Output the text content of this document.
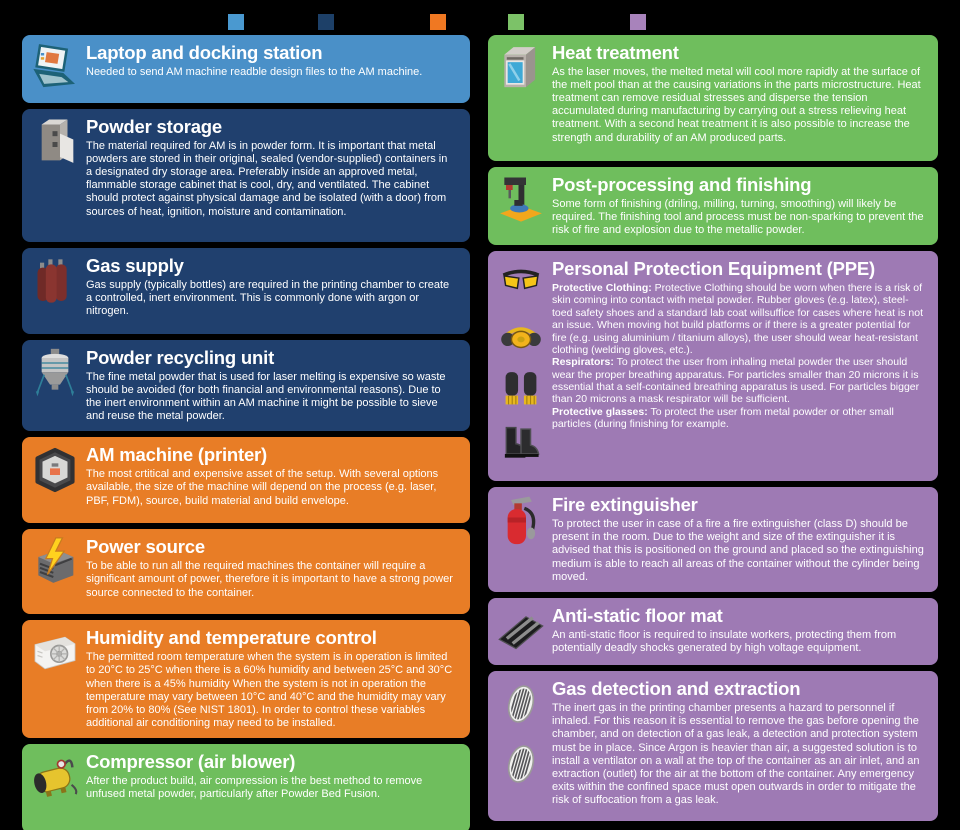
Laptop and docking station

Needed to send AM machine readble design files to the AM machine.

Powder storage

The material required for AM is in powder form. It is important that metal powders are stored in their original, sealed (vendor-supplied) containers in a designated dry storage area. Preferably inside an approved metal, flammable storage cabinet that is cool, dry, and ventilated. The cabinet should protect against physical damage and be isolated (with a door) from sources of heat, ignition, moisture and contamination.

Gas supply

Gas supply (typically bottles) are required in the printing chamber to create a controlled, inert environment. This is commonly done with argon or nitrogen.

Powder recycling unit

The fine metal powder that is used for laser melting is expensive so waste should be avoided (for both financial and environmental reasons). Due to the inert environment within an AM machine it might be possible to sieve and reuse the metal powder.

AM machine (printer)

The most crtitical and expensive asset of the setup. With several options available, the size of the machine will depend on the process (e.g. laser, PBF, FDM), source, build material and build envelope.

Power source

To be able to run all the required machines the container will require a significant amount of power, therefore it is important to have a strong power source connected to the container.

Humidity and temperature control

The permitted room temperature when the system is in operation is limited to 20°C to 25°C when there is a 60% humidity and between 25°C and 30°C when there is a 45% humidity When the system is not in operation the temperature may vary between 10°C and 40°C and the humidity may vary from 20% to 80% (See NIST 1801). In order to control these variables additional air conditioning may need to be installed.

Compressor (air blower)

After the product build, air compression is the best method to remove unfused metal powder, particularly after Powder Bed Fusion.

Heat treatment

As the laser moves, the melted metal will cool more rapidly at the surface of the melt pool than at the causing variations in the parts microstructure. Heat treatment can remove residual stresses and disperse the tension accumulated during manufacturing by carrying out a stress relieving heat treatment. With a second heat treatment it is also possible to increase the strength and durability of an AM produced parts.

Post-processing and finishing

Some form of finishing (driling, milling, turning, smoothing) will likely be required. The finishing tool and process must be non-sparking to prevent the risk of fire and explosion due to the metallic powder.

Personal Protection Equipment (PPE)

Protective Clothing: Protective Clothing should be worn when there is a risk of skin coming into contact with metal powder. Rubber gloves (e.g. latex), steel-toed safety shoes and a standard lab coat willsuffice for cases where heat is not an issue. When moving hot build platforms or if there is a greater potential for fire (e.g. using aluminium / titanium alloys), the user should wear heat-resistant clothing (welding gloves, etc.).

Respirators: To protect the user from inhaling metal powder the user should wear the proper breathing apparatus. For particles smaller than 20 microns it is essential that a self-contained breathing apparatus is used. For particles bigger than 20 microns a mask respirator will be sufficient.

Protective glasses: To protect the user from metal powder or other small particles (during finishing for example.

Fire extinguisher

To protect the user in case of a fire a fire extinguisher (class D) should be present in the room. Due to the weight and size of the extinguisher it is advised that this is positioned on the ground and placed so the extinguishing medium is able to reach all areas of the container without the cylinder being moved.

Anti-static floor mat

An anti-static floor is required to insulate workers, protecting them from potentially deadly shocks generated by high voltage equipment.

Gas detection and extraction

The inert gas in the printing chamber presents a hazard to personnel if inhaled. For this reason it is essential to remove the gas before opening the chamber, and on detection of a gas leak, a detection and protection system must be in place. Since Argon is heavier than air, a suggested solution is to install a ventilator on a wall at the top of the container as an air inlet, and an extraction (outlet) for the air at the bottom of the container. Any emergency exits within the confined space must open outwards in order to mitigate the risk of suffocation from a gas leak.
